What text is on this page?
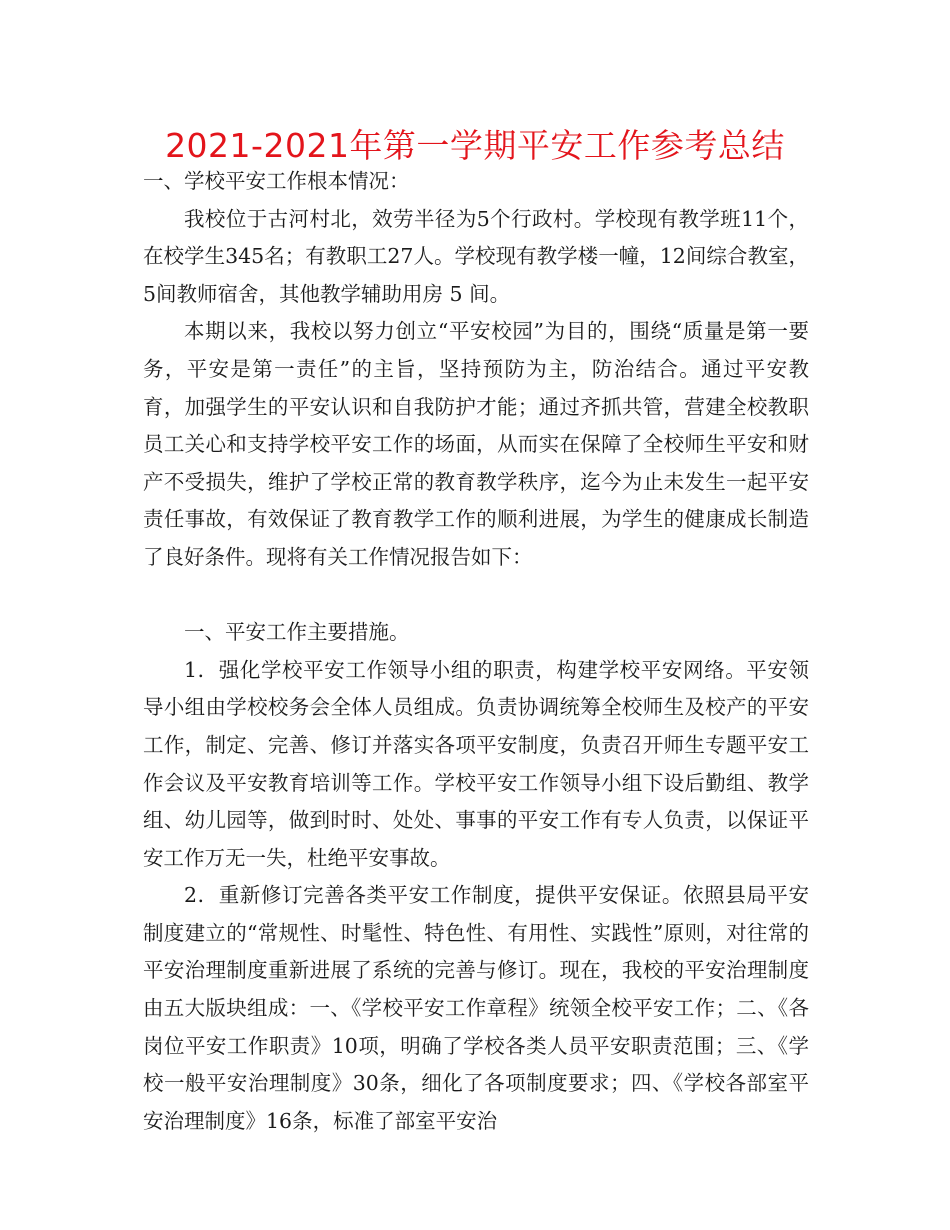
2021-2021年第一学期平安工作参考总结

一、学校平安工作根本情况：

我校位于古河村北，效劳半径为5个行政村。学校现有教学班11个，在校学生345名；有教职工27人。学校现有教学楼一幢，12间综合教室，5间教师宿舍，其他教学辅助用房 5 间。

本期以来，我校以努力创立“平安校园”为目的，围绕“质量是第一要务，平安是第一责任”的主旨，坚持预防为主，防治结合。通过平安教育，加强学生的平安认识和自我防护才能；通过齐抓共管，营建全校教职员工关心和支持学校平安工作的场面，从而实在保障了全校师生平安和财产不受损失，维护了学校正常的教育教学秩序，迄今为止未发生一起平安责任事故，有效保证了教育教学工作的顺利进展，为学生的健康成长制造了良好条件。现将有关工作情况报告如下：

一、平安工作主要措施。

1．强化学校平安工作领导小组的职责，构建学校平安网络。平安领导小组由学校校务会全体人员组成。负责协调统筹全校师生及校产的平安工作，制定、完善、修订并落实各项平安制度，负责召开师生专题平安工作会议及平安教育培训等工作。学校平安工作领导小组下设后勤组、教学组、幼儿园等，做到时时、处处、事事的平安工作有专人负责，以保证平安工作万无一失，杜绝平安事故。

2．重新修订完善各类平安工作制度，提供平安保证。依照县局平安制度建立的“常规性、时髦性、特色性、有用性、实践性”原则，对往常的平安治理制度重新进展了系统的完善与修订。现在，我校的平安治理制度由五大版块组成：一、《学校平安工作章程》统领全校平安工作；二、《各岗位平安工作职责》10项，明确了学校各类人员平安职责范围；三、《学校一般平安治理制度》30条，细化了各项制度要求；四、《学校各部室平安治理制度》16条，标准了部室平安治
